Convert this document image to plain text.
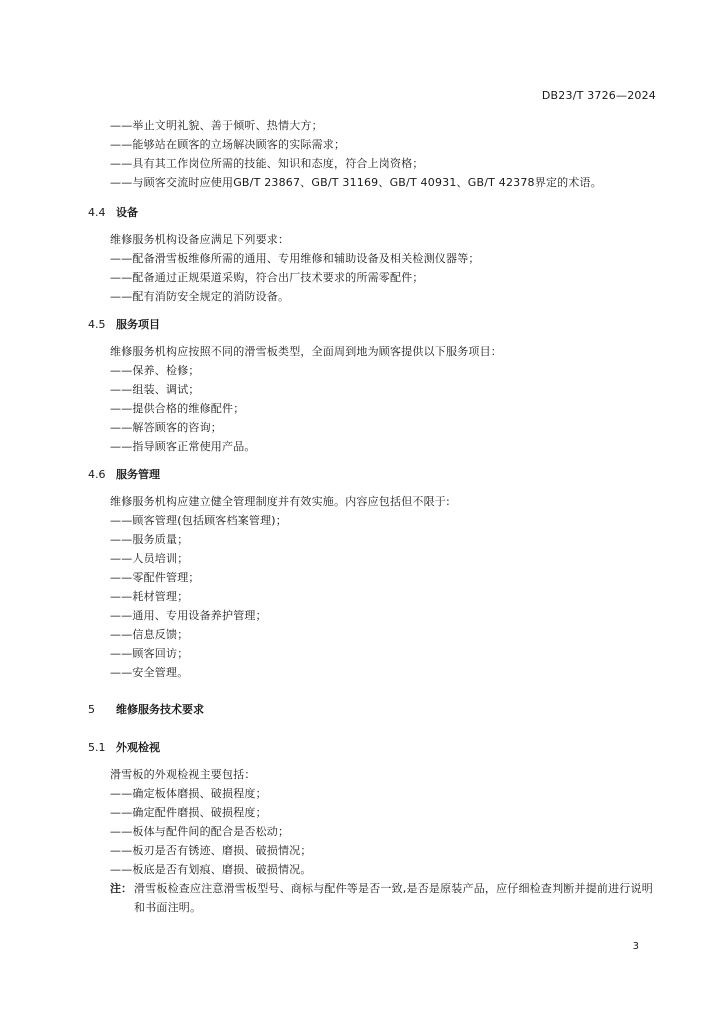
DB23/T 3726—2024
——举止文明礼貌、善于倾听、热情大方；
——能够站在顾客的立场解决顾客的实际需求；
——具有其工作岗位所需的技能、知识和态度，符合上岗资格；
——与顾客交流时应使用GB/T 23867、GB/T 31169、GB/T 40931、GB/T 42378界定的术语。
4.4 设备
维修服务机构设备应满足下列要求：
——配备滑雪板维修所需的通用、专用维修和辅助设备及相关检测仪器等；
——配备通过正规渠道采购，符合出厂技术要求的所需零配件；
——配有消防安全规定的消防设备。
4.5 服务项目
维修服务机构应按照不同的滑雪板类型，全面周到地为顾客提供以下服务项目：
——保养、检修；
——组装、调试；
——提供合格的维修配件；
——解答顾客的咨询；
——指导顾客正常使用产品。
4.6 服务管理
维修服务机构应建立健全管理制度并有效实施。内容应包括但不限于:
——顾客管理(包括顾客档案管理)；
——服务质量；
——人员培训；
——零配件管理；
——耗材管理；
——通用、专用设备养护管理；
——信息反馈；
——顾客回访；
——安全管理。
5 维修服务技术要求
5.1 外观检视
滑雪板的外观检视主要包括：
——确定板体磨损、破损程度；
——确定配件磨损、破损程度；
——板体与配件间的配合是否松动；
——板刃是否有锈迹、磨损、破损情况；
——板底是否有划痕、磨损、破损情况。
注： 滑雪板检查应注意滑雪板型号、商标与配件等是否一致,是否是原装产品，应仔细检查判断并提前进行说明和书面注明。
3
